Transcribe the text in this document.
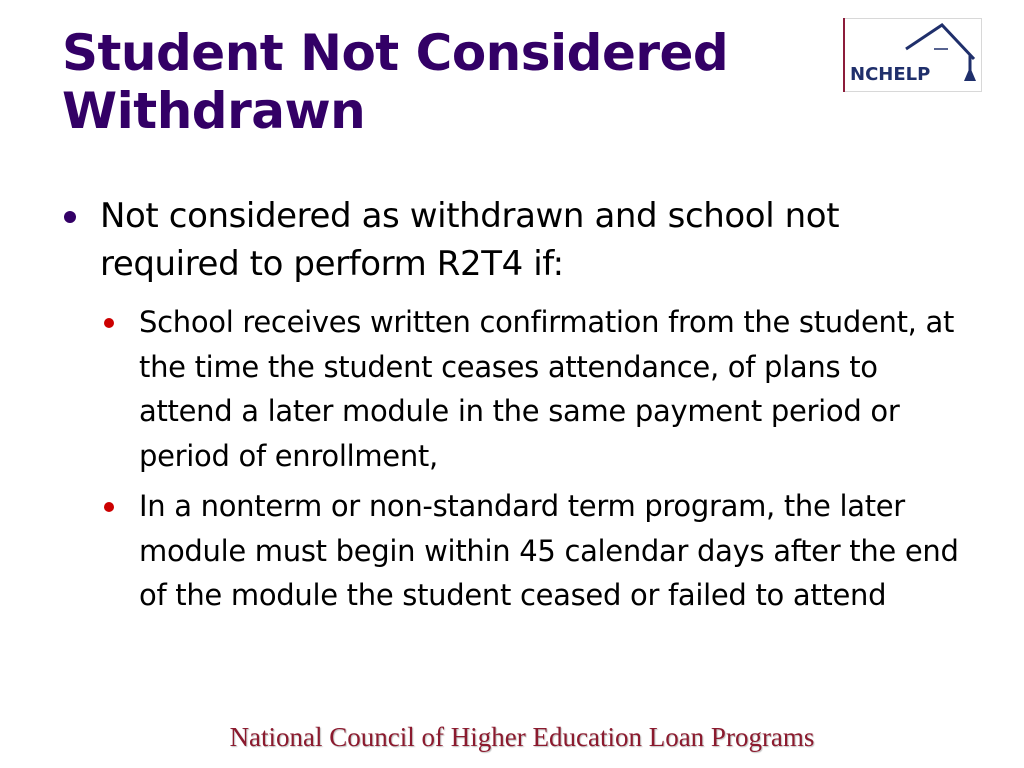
Student Not Considered Withdrawn
NCHELP
Not considered as withdrawn and school not required to perform R2T4 if:
School receives written confirmation from the student, at the time the student ceases attendance, of plans to attend a later module in the same payment period or period of enrollment,
In a nonterm or non-standard term program, the later module must begin within 45 calendar days after the end of the module the student ceased or failed to attend
National Council of Higher Education Loan Programs
